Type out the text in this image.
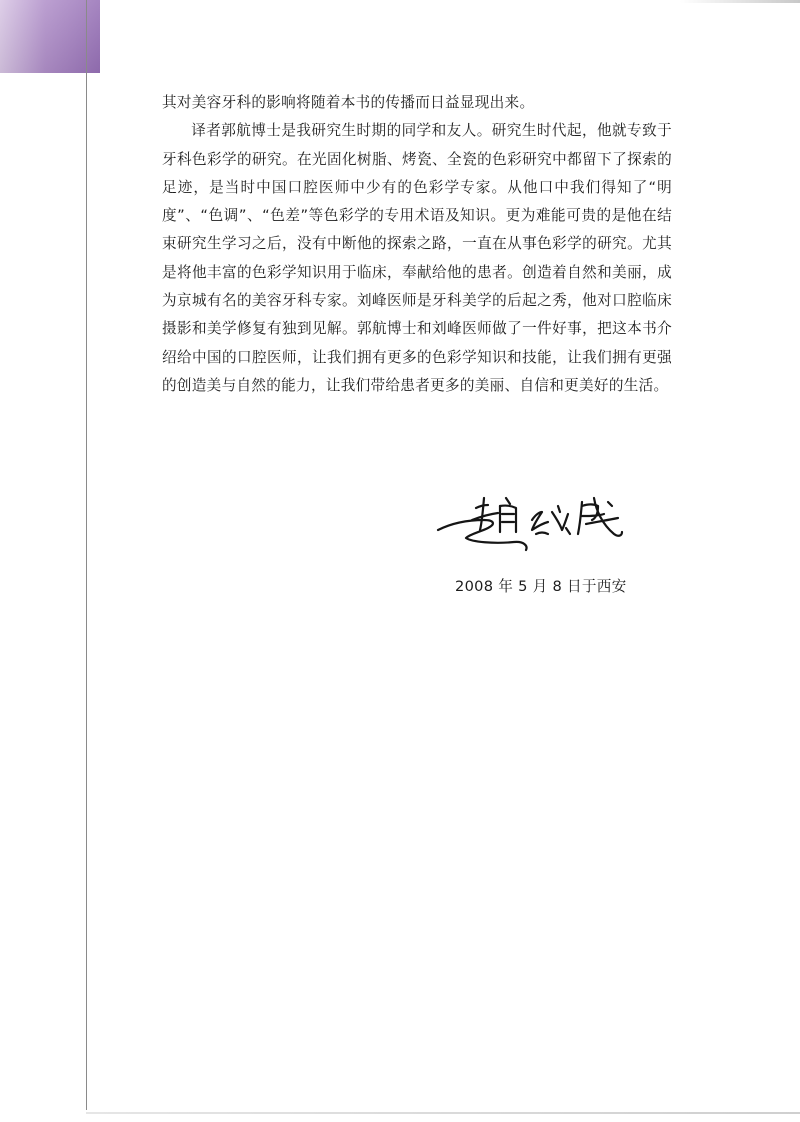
其对美容牙科的影响将随着本书的传播而日益显现出来。

译者郭航博士是我研究生时期的同学和友人。研究生时代起，他就专致于牙科色彩学的研究。在光固化树脂、烤瓷、全瓷的色彩研究中都留下了探索的足迹，是当时中国口腔医师中少有的色彩学专家。从他口中我们得知了“明度”、“色调”、“色差”等色彩学的专用术语及知识。更为难能可贵的是他在结束研究生学习之后，没有中断他的探索之路，一直在从事色彩学的研究。尤其是将他丰富的色彩学知识用于临床，奉献给他的患者。创造着自然和美丽，成为京城有名的美容牙科专家。刘峰医师是牙科美学的后起之秀，他对口腔临床摄影和美学修复有独到见解。郭航博士和刘峰医师做了一件好事，把这本书介绍给中国的口腔医师，让我们拥有更多的色彩学知识和技能，让我们拥有更强的创造美与自然的能力，让我们带给患者更多的美丽、自信和更美好的生活。

2008 年 5 月 8 日于西安
